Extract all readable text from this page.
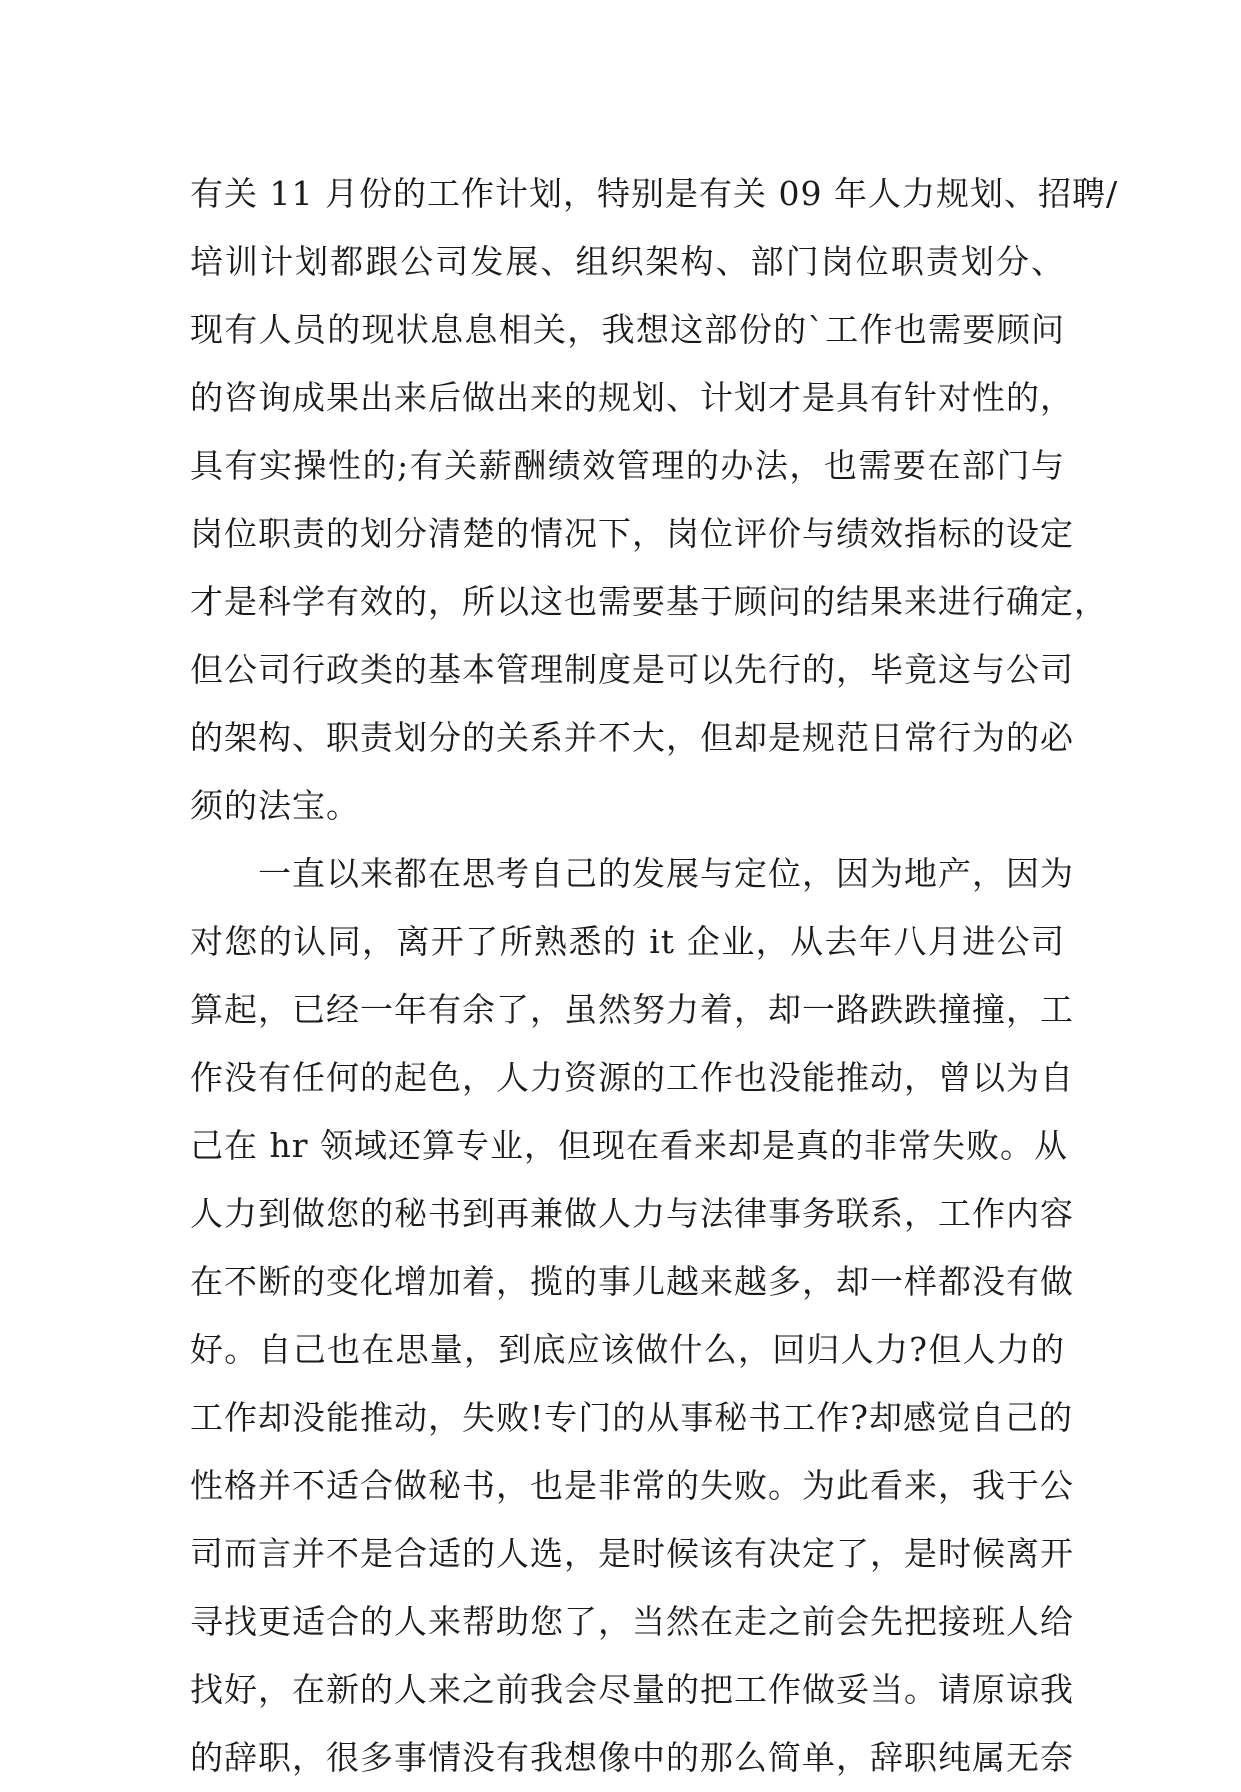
有关 11 月份的工作计划，特别是有关 09 年人力规划、招聘/
培训计划都跟公司发展、组织架构、部门岗位职责划分、
现有人员的现状息息相关，我想这部份的`工作也需要顾问
的咨询成果出来后做出来的规划、计划才是具有针对性的，
具有实操性的;有关薪酬绩效管理的办法，也需要在部门与
岗位职责的划分清楚的情况下，岗位评价与绩效指标的设定
才是科学有效的，所以这也需要基于顾问的结果来进行确定，
但公司行政类的基本管理制度是可以先行的，毕竟这与公司
的架构、职责划分的关系并不大，但却是规范日常行为的必
须的法宝。
一直以来都在思考自己的发展与定位，因为地产，因为
对您的认同，离开了所熟悉的 it 企业，从去年八月进公司
算起，已经一年有余了，虽然努力着，却一路跌跌撞撞，工
作没有任何的起色，人力资源的工作也没能推动，曾以为自
己在 hr 领域还算专业，但现在看来却是真的非常失败。从
人力到做您的秘书到再兼做人力与法律事务联系，工作内容
在不断的变化增加着，揽的事儿越来越多，却一样都没有做
好。自己也在思量，到底应该做什么，回归人力?但人力的
工作却没能推动，失败!专门的从事秘书工作?却感觉自己的
性格并不适合做秘书，也是非常的失败。为此看来，我于公
司而言并不是合适的人选，是时候该有决定了，是时候离开
寻找更适合的人来帮助您了，当然在走之前会先把接班人给
找好，在新的人来之前我会尽量的把工作做妥当。请原谅我
的辞职，很多事情没有我想像中的那么简单，辞职纯属无奈
